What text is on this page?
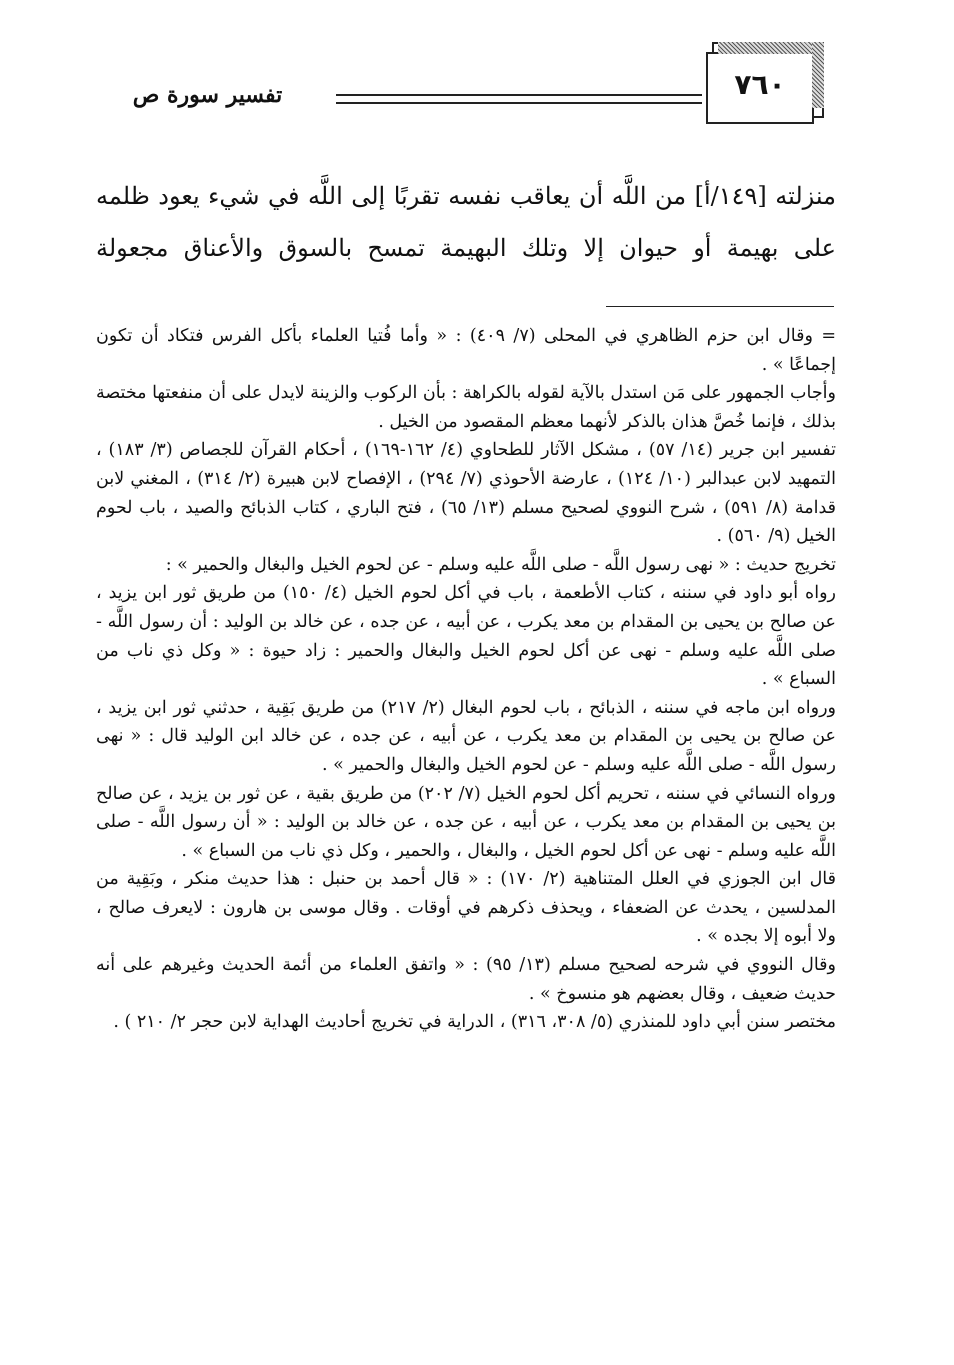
٧٦٠
تفسير سورة ص
منزلته [١٤٩/أ] من اللَّه أن يعاقب نفسه تقربًا إلى اللَّه في شيء يعود ظلمه
على بهيمة أو حيوان إلا وتلك البهيمة تمسح بالسوق والأعناق مجعولة

= وقال ابن حزم الظاهري في المحلى (٧/ ٤٠٩) : « وأما فُتيا العلماء بأكل الفرس فتكاد أن تكون إجماعًا » .

وأجاب الجمهور على مَن استدل بالآية لقوله بالكراهة : بأن الركوب والزينة لايدل على أن منفعتها مختصة بذلك ، فإنما خُصَّ هذان بالذكر لأنهما معظم المقصود من الخيل .

تفسير ابن جرير (١٤/ ٥٧) ، مشكل الآثار للطحاوي (٤/ ١٦٢-١٦٩) ، أحكام القرآن للجصاص (٣/ ١٨٣) ، التمهيد لابن عبدالبر (١٠/ ١٢٤) ، عارضة الأحوذي (٧/ ٢٩٤) ، الإفصاح لابن هبيرة (٢/ ٣١٤) ، المغني لابن قدامة (٨/ ٥٩١) ، شرح النووي لصحيح مسلم (١٣/ ٦٥) ، فتح الباري ، كتاب الذبائح والصيد ، باب لحوم الخيل (٩/ ٥٦٠) .

تخريج حديث : « نهى رسول اللَّه - صلى اللَّه عليه وسلم - عن لحوم الخيل والبغال والحمير » :

رواه أبو داود في سننه ، كتاب الأطعمة ، باب في أكل لحوم الخيل (٤/ ١٥٠) من طريق ثور ابن يزيد ، عن صالح بن يحيى بن المقدام بن معد يكرب ، عن أبيه ، عن جده ، عن خالد بن الوليد : أن رسول اللَّه - صلى اللَّه عليه وسلم - نهى عن أكل لحوم الخيل والبغال والحمير : زاد حيوة : « وكل ذي ناب من السباع » .

ورواه ابن ماجه في سننه ، الذبائح ، باب لحوم البغال (٢/ ٢١٧) من طريق بَقِية ، حدثني ثور ابن يزيد ، عن صالح بن يحيى بن المقدام بن معد يكرب ، عن أبيه ، عن جده ، عن خالد ابن الوليد قال : « نهى رسول اللَّه - صلى اللَّه عليه وسلم - عن لحوم الخيل والبغال والحمير » .

ورواه النسائي في سننه ، تحريم أكل لحوم الخيل (٧/ ٢٠٢) من طريق بقية ، عن ثور بن يزيد ، عن صالح بن يحيى بن المقدام بن معد يكرب ، عن أبيه ، عن جده ، عن خالد بن الوليد : « أن رسول اللَّه - صلى اللَّه عليه وسلم - نهى عن أكل لحوم الخيل ، والبغال ، والحمير ، وكل ذي ناب من السباع » .

قال ابن الجوزي في العلل المتناهية (٢/ ١٧٠) : « قال أحمد بن حنبل : هذا حديث منكر ، وبَقِية من المدلسين ، يحدث عن الضعفاء ، ويحذف ذكرهم في أوقات . وقال موسى بن هارون : لايعرف صالح ، ولا أبوه إلا بجده » .

وقال النووي في شرحه لصحيح مسلم (١٣/ ٩٥) : « واتفق العلماء من أئمة الحديث وغيرهم على أنه حديث ضعيف ، وقال بعضهم هو منسوخ » .

مختصر سنن أبي داود للمنذري (٥/ ٣٠٨، ٣١٦) ، الدراية في تخريج أحاديث الهداية لابن حجر ٢/ ٢١٠ ) .
